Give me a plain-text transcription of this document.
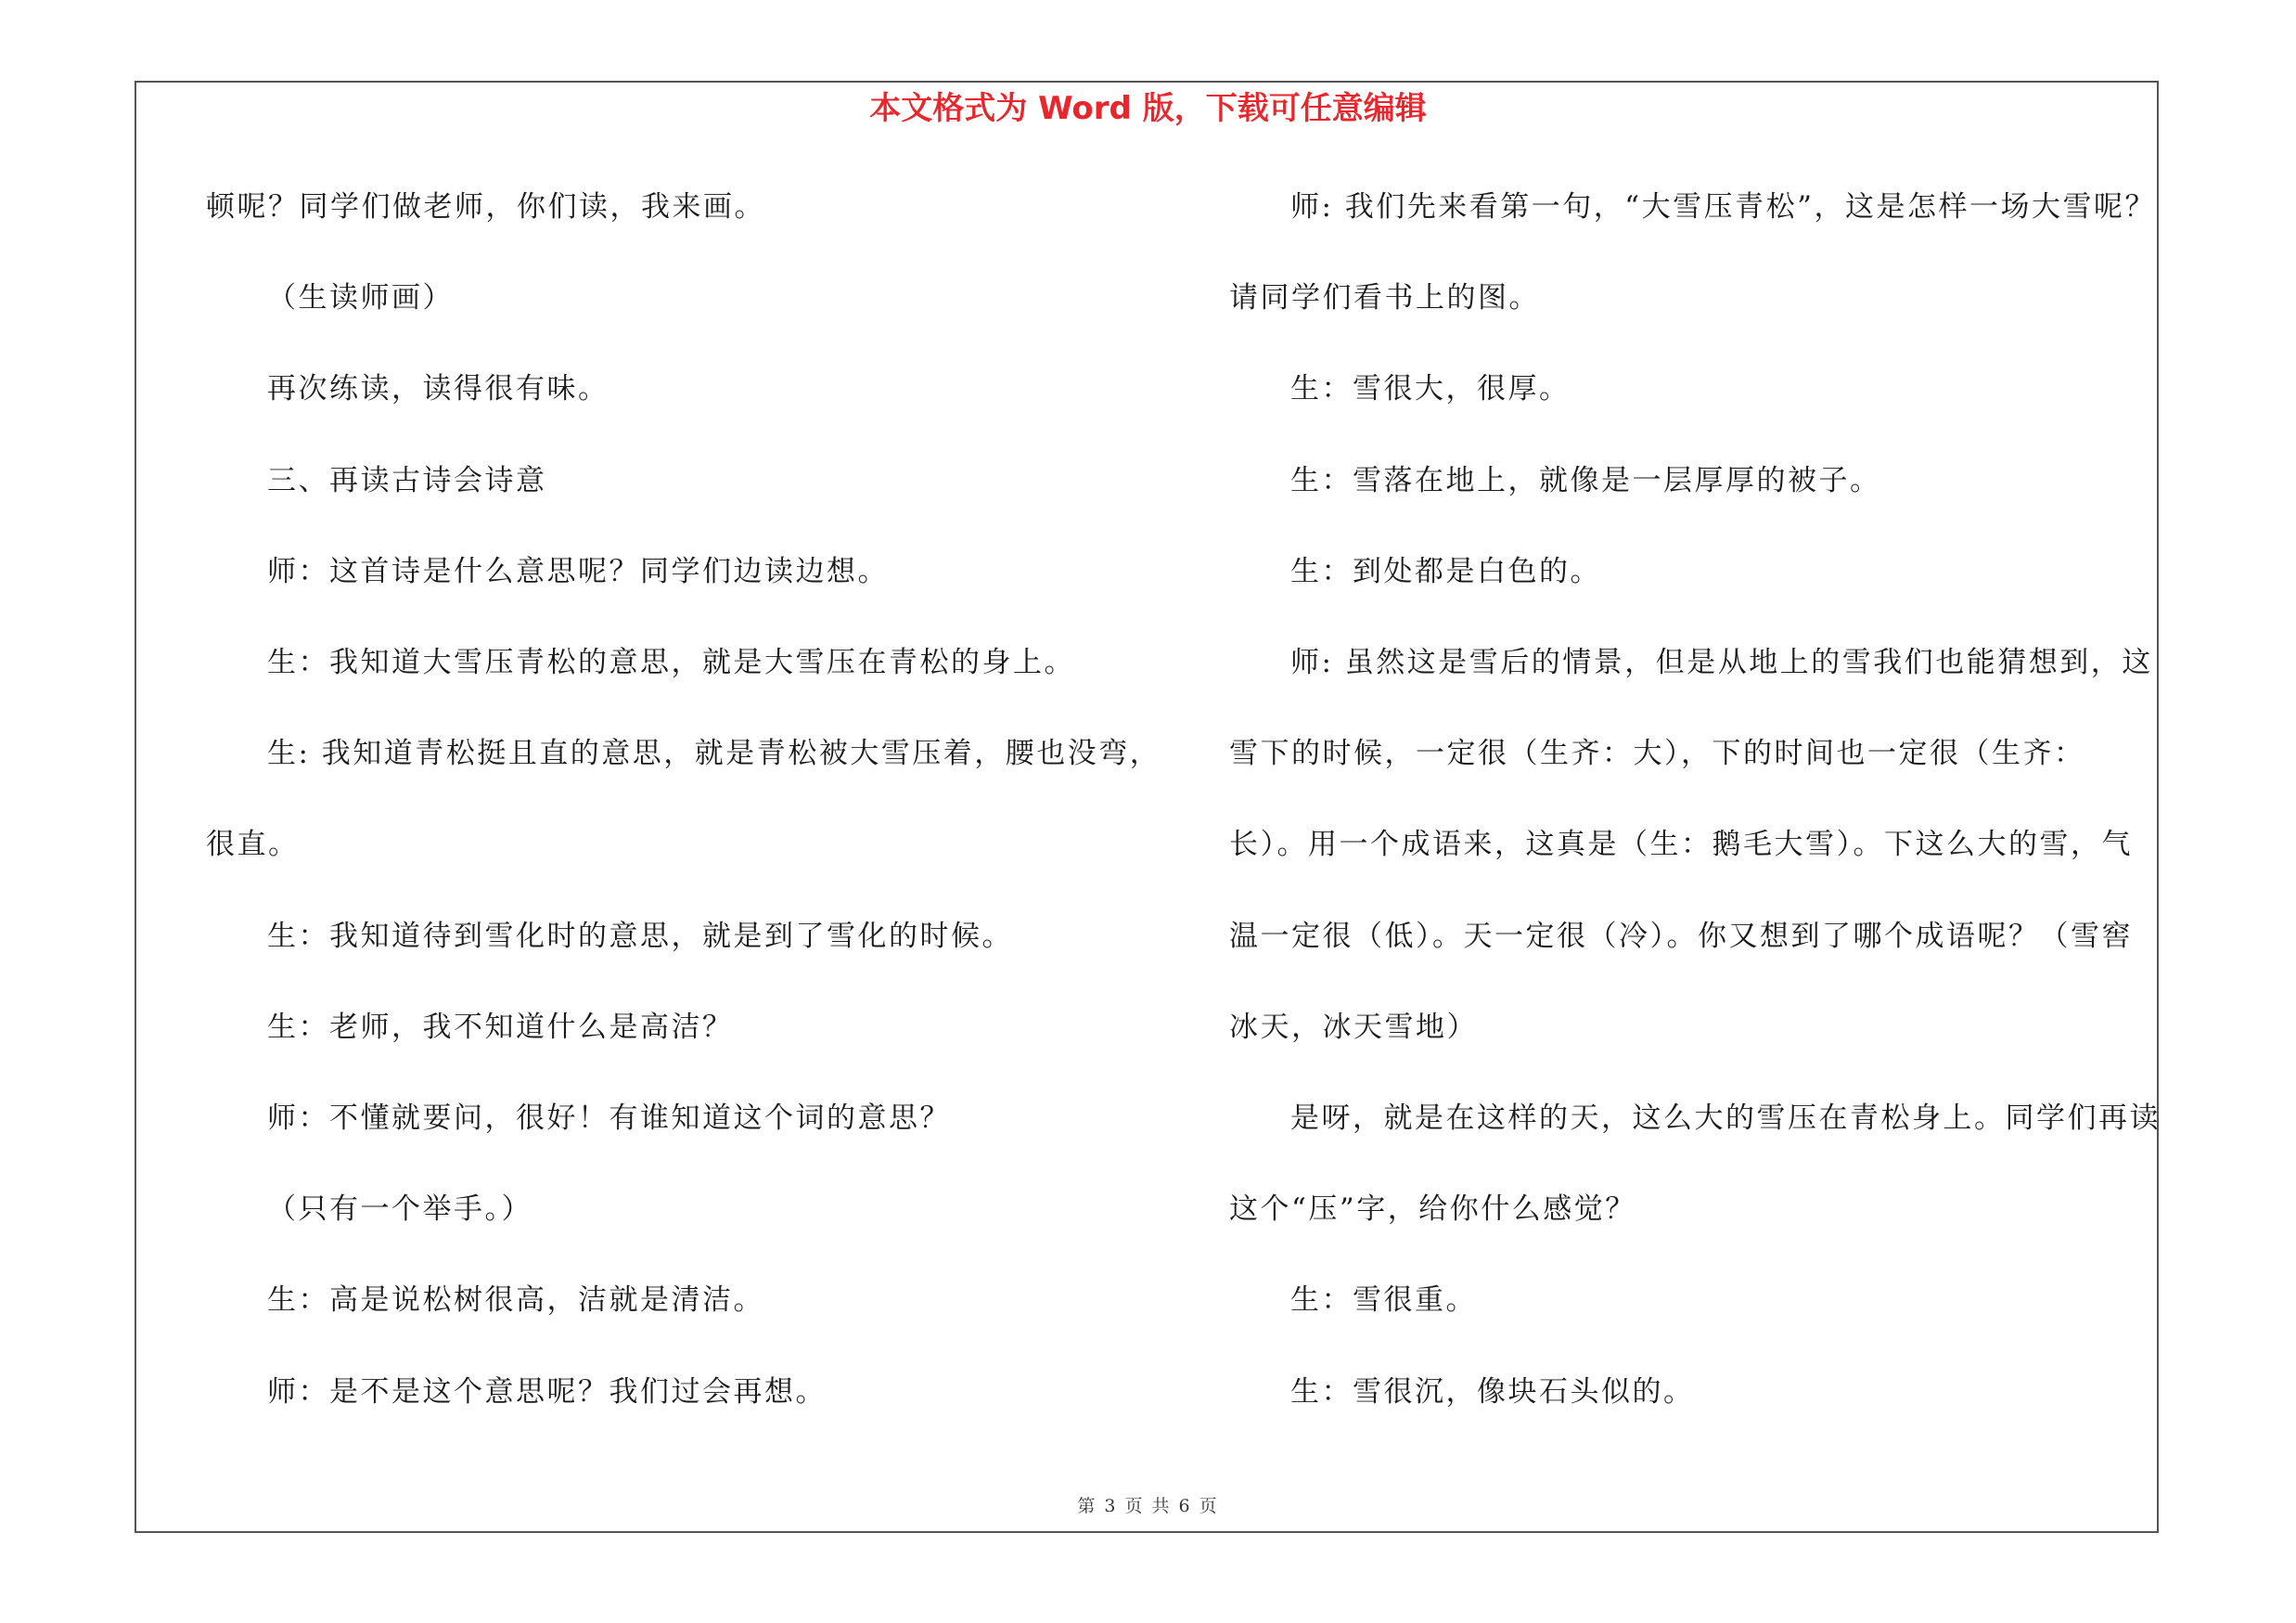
本文格式为 Word 版，下载可任意编辑
顿呢？同学们做老师，你们读，我来画。
（生读师画）
再次练读，读得很有味。
三、再读古诗会诗意
师：这首诗是什么意思呢？同学们边读边想。
生：我知道大雪压青松的意思，就是大雪压在青松的身上。
生: 我知道青松挺且直的意思，就是青松被大雪压着，腰也没弯，
很直。
生：我知道待到雪化时的意思，就是到了雪化的时候。
生：老师，我不知道什么是高洁？
师：不懂就要问，很好！有谁知道这个词的意思？
（只有一个举手。）
生：高是说松树很高，洁就是清洁。
师：是不是这个意思呢？我们过会再想。
师: 我们先来看第一句，“大雪压青松”，这是怎样一场大雪呢？
请同学们看书上的图。
生：雪很大，很厚。
生：雪落在地上，就像是一层厚厚的被子。
生：到处都是白色的。
师: 虽然这是雪后的情景，但是从地上的雪我们也能猜想到，这
雪下的时候，一定很（生齐：大），下的时间也一定很（生齐：
长）。用一个成语来，这真是（生：鹅毛大雪）。下这么大的雪，气
温一定很（低）。天一定很（冷）。你又想到了哪个成语呢？（雪窖
冰天，冰天雪地）
是呀，就是在这样的天，这么大的雪压在青松身上。同学们再读
这个“压”字，给你什么感觉？
生：雪很重。
生：雪很沉，像块石头似的。
第 3 页 共 6 页
